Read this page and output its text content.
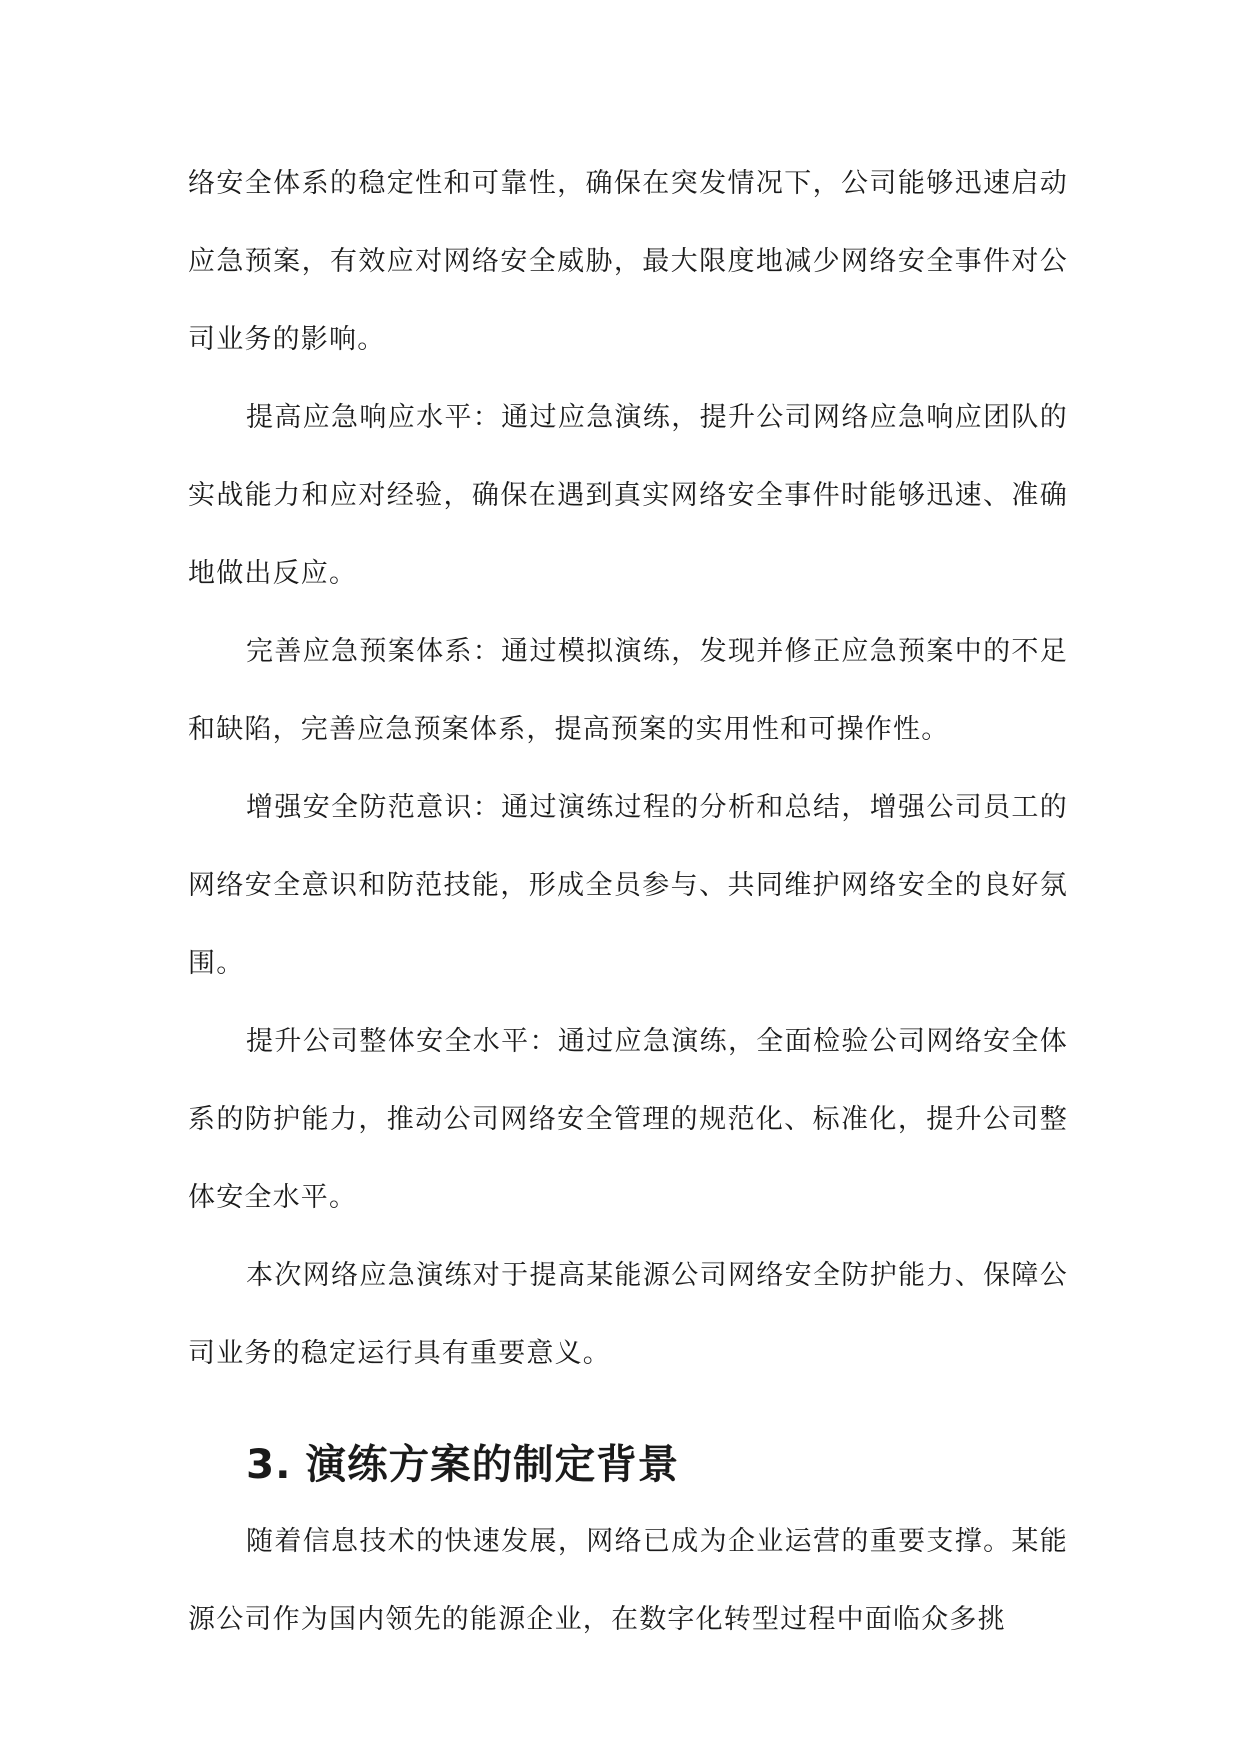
络安全体系的稳定性和可靠性，确保在突发情况下，公司能够迅速启动应急预案，有效应对网络安全威胁，最大限度地减少网络安全事件对公司业务的影响。

提高应急响应水平：通过应急演练，提升公司网络应急响应团队的实战能力和应对经验，确保在遇到真实网络安全事件时能够迅速、准确地做出反应。

完善应急预案体系：通过模拟演练，发现并修正应急预案中的不足和缺陷，完善应急预案体系，提高预案的实用性和可操作性。

增强安全防范意识：通过演练过程的分析和总结，增强公司员工的网络安全意识和防范技能，形成全员参与、共同维护网络安全的良好氛围。

提升公司整体安全水平：通过应急演练，全面检验公司网络安全体系的防护能力，推动公司网络安全管理的规范化、标准化，提升公司整体安全水平。

本次网络应急演练对于提高某能源公司网络安全防护能力、保障公司业务的稳定运行具有重要意义。

3. 演练方案的制定背景

随着信息技术的快速发展，网络已成为企业运营的重要支撑。某能源公司作为国内领先的能源企业，在数字化转型过程中面临众多挑
